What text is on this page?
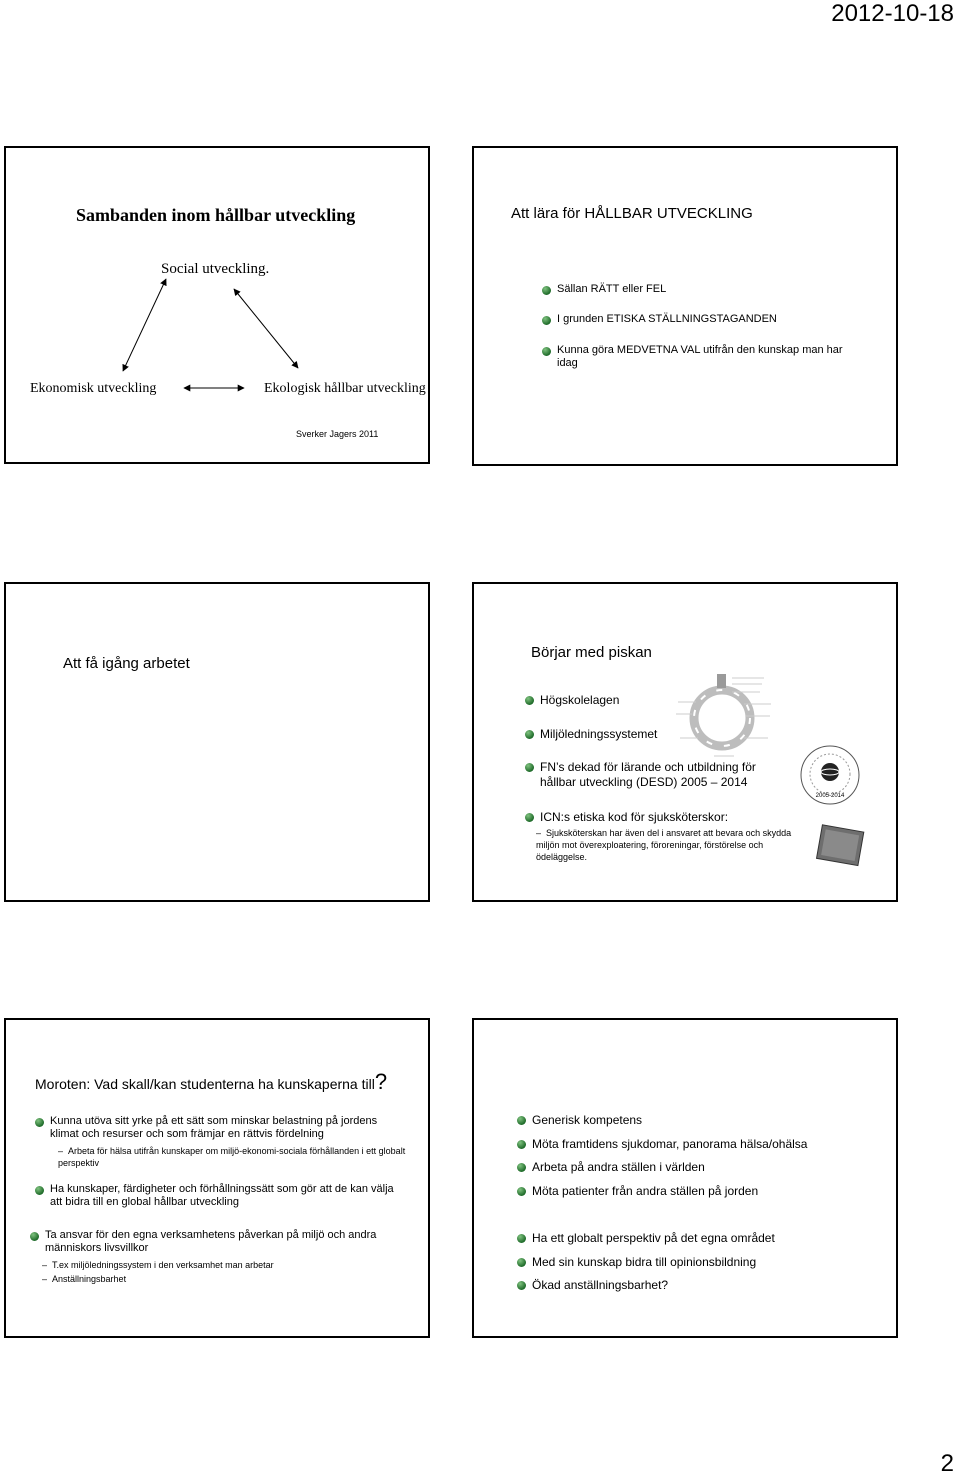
2012-10-18
Sambanden inom hållbar utveckling
Social utveckling.
Ekonomisk utveckling	Ekologisk hållbar utveckling
Att lära för HÅLLBAR UTVECKLING
Sällan RÄTT eller FEL
I grunden ETISKA STÄLLNINGSTAGANDEN
Kunna göra MEDVETNA VAL utifrån den kunskap man har idag
Sverker Jagers 2011
Att få igång arbetet
Börjar med piskan
Högskolelagen
Miljöledningssystemet
FN’s dekad för lärande och utbildning för hållbar utveckling (DESD) 2005 – 2014
ICN:s etiska kod för sjuksköterskor:
– Sjuksköterskan har även del i ansvaret att bevara och skydda miljön mot överexploatering, föroreningar, förstörelse och ödeläggelse.
2005-2014
Moroten: Vad skall/kan studenterna ha kunskaperna till?
Kunna utöva sitt yrke på ett sätt som minskar belastning på jordens klimat och resurser och som främjar en rättvis fördelning
– Arbeta för hälsa utifrån kunskaper om miljö-ekonomi-sociala förhållanden i ett globalt perspektiv
Ha kunskaper, färdigheter och förhållningssätt som gör att de kan välja att bidra till en global hållbar utveckling
Ta ansvar för den egna verksamhetens påverkan på miljö och andra människors livsvillkor
– T.ex miljöledningssystem i den verksamhet man arbetar
– Anställningsbarhet
Generisk kompetens
Möta framtidens sjukdomar, panorama hälsa/ohälsa
Arbeta på andra ställen i världen
Möta patienter från andra ställen på jorden
Ha ett globalt perspektiv på det egna området
Med sin kunskap bidra till opinionsbildning
Ökad anställningsbarhet?
2
